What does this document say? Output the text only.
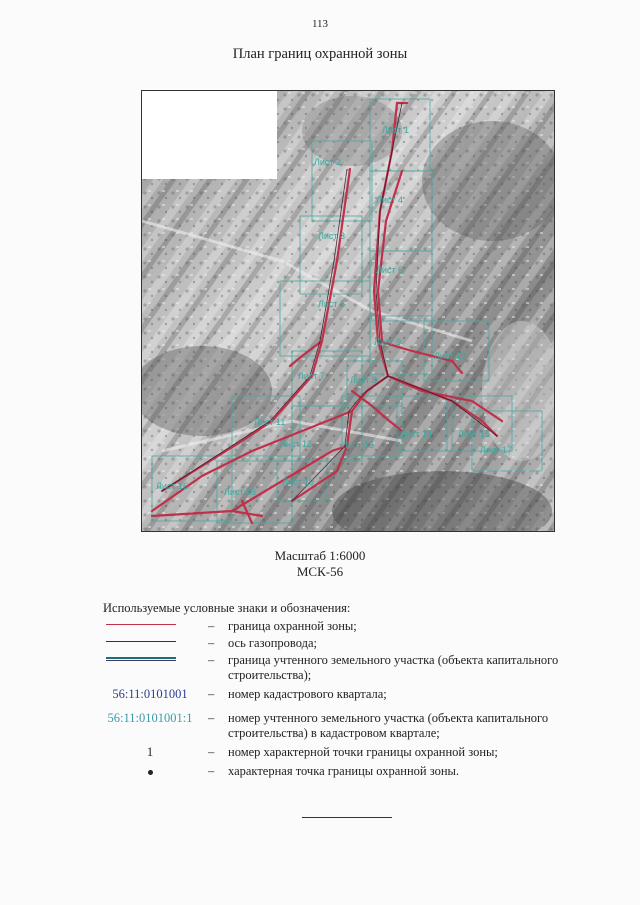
113
План границ охранной зоны
Лист 1
Лист 2
Лист 4
Лист 3
Лист 6
Лист 5
Лист 9
Лист 10
Лист 7	Лист 8
Лист 11
Лист 12	Лист 13
Лист 14	Лист 15
Лист 17
Лист 16
Лист 18
Лист 19
Масштаб 1:6000
МСК-56
Используемые условные знаки и обозначения:
– граница охранной зоны;
– ось газопровода;
– граница учтенного земельного участка (объекта капитального строительства);
56:11:0101001	– номер кадастрового квартала;
56:11:0101001:1	– номер учтенного земельного участка (объекта капитального строительства) в кадастровом квартале;
1	– номер характерной точки границы охранной зоны;
– характерная точка границы охранной зоны.
